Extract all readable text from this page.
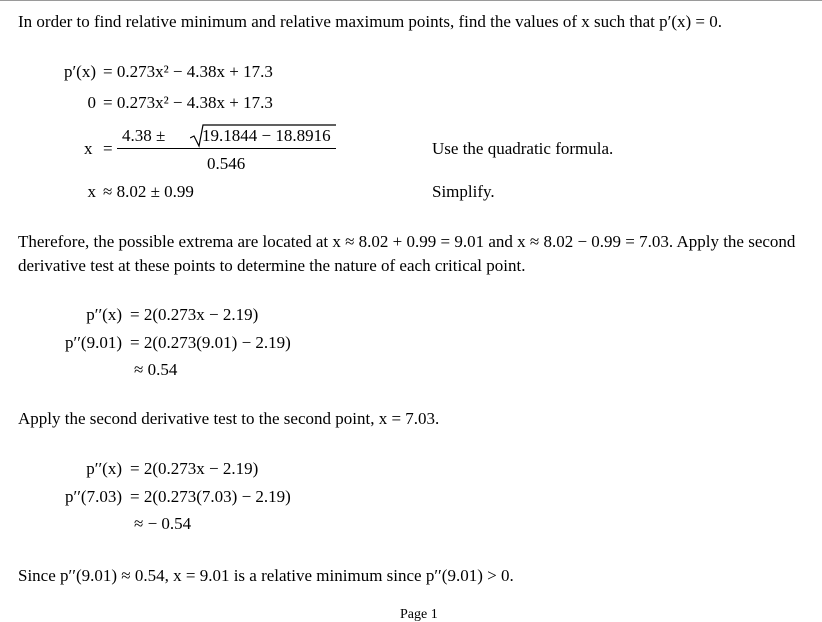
In order to find relative minimum and relative maximum points, find the values of x such that p′(x) = 0.
p′(x) = 0.273x² − 4.38x + 17.3
0 = 0.273x² − 4.38x + 17.3
x =
4.38 ± 19.1844 − 18.8916
0.546
Use the quadratic formula.
x ≈ 8.02 ± 0.99	Simplify.
Therefore, the possible extrema are located at x ≈ 8.02 + 0.99 = 9.01 and x ≈ 8.02 − 0.99 = 7.03. Apply the second derivative test at these points to determine the nature of each critical point.
p′′(x) = 2(0.273x − 2.19)
p′′(9.01) = 2(0.273(9.01) − 2.19)
≈ 0.54
Apply the second derivative test to the second point, x = 7.03.
p′′(x) = 2(0.273x − 2.19)
p′′(7.03) = 2(0.273(7.03) − 2.19)
≈ − 0.54
Since p′′(9.01) ≈ 0.54, x = 9.01 is a relative minimum since p′′(9.01) > 0.
Page 1
